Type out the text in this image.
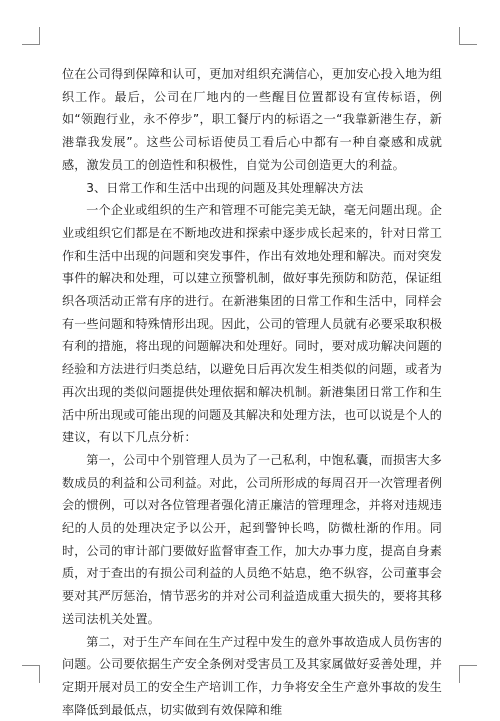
位在公司得到保障和认可，更加对组织充满信心，更加安心投入地为组织工作。最后，公司在厂地内的一些醒目位置都设有宣传标语，例如“领跑行业，永不停步”，职工餐厅内的标语之一“我靠新港生存，新港靠我发展”。这些公司标语使员工看后心中都有一种自豪感和成就感，激发员工的创造性和积极性，自觉为公司创造更大的利益。

3、日常工作和生活中出现的问题及其处理解决方法

一个企业或组织的生产和管理不可能完美无缺，毫无问题出现。企业或组织它们都是在不断地改进和探索中逐步成长起来的，针对日常工作和生活中出现的问题和突发事件，作出有效地处理和解决。而对突发事件的解决和处理，可以建立预警机制，做好事先预防和防范，保证组织各项活动正常有序的进行。在新港集团的日常工作和生活中，同样会有一些问题和特殊情形出现。因此，公司的管理人员就有必要采取积极有利的措施，将出现的问题解决和处理好。同时，要对成功解决问题的经验和方法进行归类总结，以避免日后再次发生相类似的问题，或者为再次出现的类似问题提供处理依据和解决机制。新港集团日常工作和生活中所出现或可能出现的问题及其解决和处理方法，也可以说是个人的建议，有以下几点分析：

第一，公司中个别管理人员为了一己私利，中饱私囊，而损害大多数成员的利益和公司利益。对此，公司所形成的每周召开一次管理者例会的惯例，可以对各位管理者强化清正廉洁的管理理念，并将对违规违纪的人员的处理决定予以公开，起到警钟长鸣，防微杜渐的作用。同时，公司的审计部门要做好监督审查工作，加大办事力度，提高自身素质，对于查出的有损公司利益的人员绝不姑息，绝不纵容，公司董事会要对其严厉惩治，情节恶劣的并对公司利益造成重大损失的，要将其移送司法机关处置。

第二，对于生产车间在生产过程中发生的意外事故造成人员伤害的问题。公司要依据生产安全条例对受害员工及其家属做好妥善处理，并定期开展对员工的安全生产培训工作，力争将安全生产意外事故的发生率降低到最低点，切实做到有效保障和维
